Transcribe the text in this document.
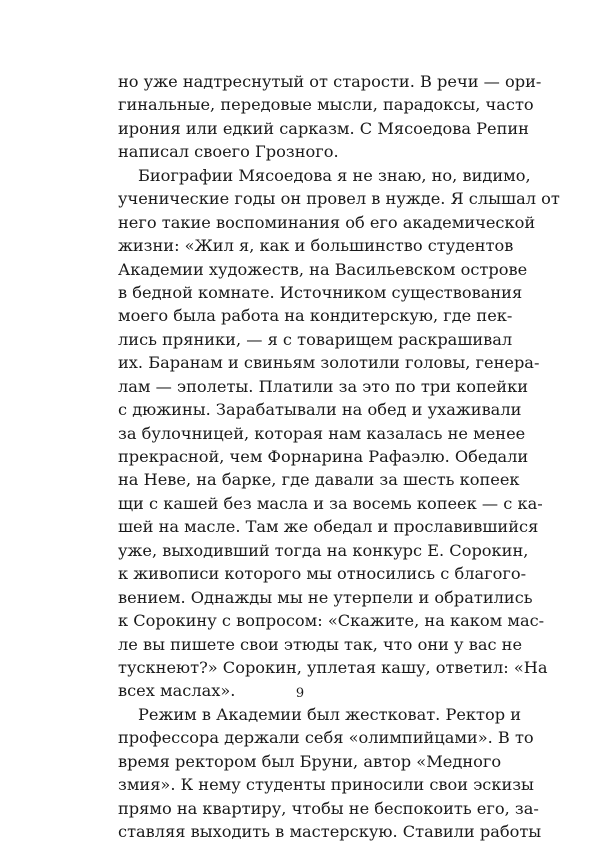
но уже надтреснутый от старости. В речи — ори-
гинальные, передовые мысли, парадоксы, часто
ирония или едкий сарказм. С Мясоедова Репин
написал своего Грозного.
Биографии Мясоедова я не знаю, но, видимо,
ученические годы он провел в нужде. Я слышал от
него такие воспоминания об его академической
жизни: «Жил я, как и большинство студентов
Академии художеств, на Васильевском острове
в бедной комнате. Источником существования
моего была работа на кондитерскую, где пек-
лись пряники, — я с товарищем раскрашивал
их. Баранам и свиньям золотили головы, генера-
лам — эполеты. Платили за это по три копейки
с дюжины. Зарабатывали на обед и ухаживали
за булочницей, которая нам казалась не менее
прекрасной, чем Форнарина Рафаэлю. Обедали
на Неве, на барке, где давали за шесть копеек
щи с кашей без масла и за восемь копеек — с ка-
шей на масле. Там же обедал и прославившийся
уже, выходивший тогда на конкурс Е. Сорокин,
к живописи которого мы относились с благого-
вением. Однажды мы не утерпели и обратились
к Сорокину с вопросом: «Скажите, на каком мас-
ле вы пишете свои этюды так, что они у вас не
тускнеют?» Сорокин, уплетая кашу, ответил: «На
всех маслах».
Режим в Академии был жестковат. Ректор и
профессора держали себя «олимпийцами». В то
время ректором был Бруни, автор «Медного
змия». К нему студенты приносили свои эскизы
прямо на квартиру, чтобы не беспокоить его, за-
ставляя выходить в мастерскую. Ставили работы
9
